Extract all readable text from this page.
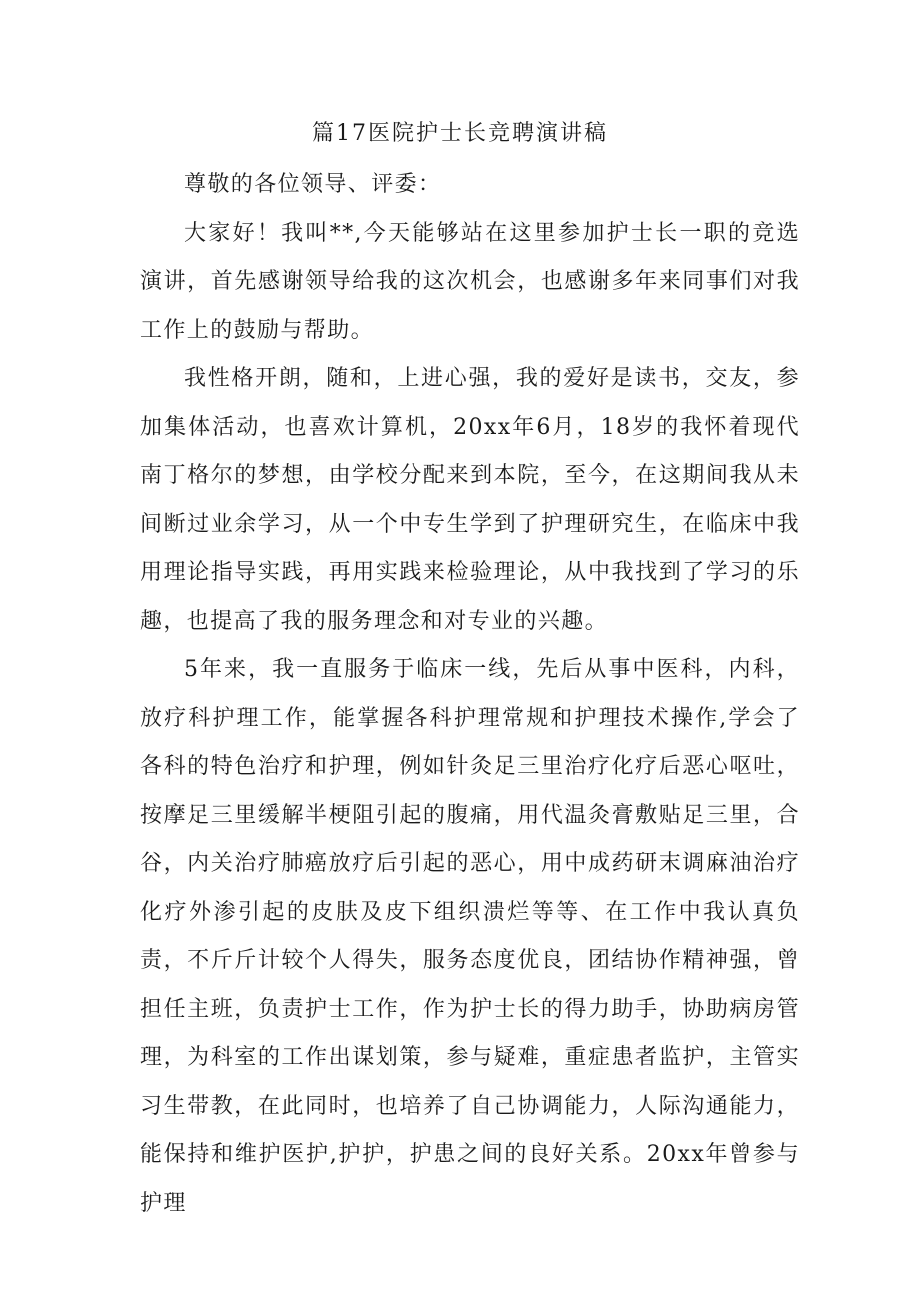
篇17医院护士长竞聘演讲稿

尊敬的各位领导、评委：

大家好！我叫**,今天能够站在这里参加护士长一职的竞选演讲，首先感谢领导给我的这次机会，也感谢多年来同事们对我工作上的鼓励与帮助。

我性格开朗，随和，上进心强，我的爱好是读书，交友，参加集体活动，也喜欢计算机，20xx年6月，18岁的我怀着现代南丁格尔的梦想，由学校分配来到本院，至今，在这期间我从未间断过业余学习，从一个中专生学到了护理研究生，在临床中我用理论指导实践，再用实践来检验理论，从中我找到了学习的乐趣，也提高了我的服务理念和对专业的兴趣。

5年来，我一直服务于临床一线，先后从事中医科，内科，放疗科护理工作，能掌握各科护理常规和护理技术操作,学会了各科的特色治疗和护理，例如针灸足三里治疗化疗后恶心呕吐，按摩足三里缓解半梗阻引起的腹痛，用代温灸膏敷贴足三里，合谷，内关治疗肺癌放疗后引起的恶心，用中成药研末调麻油治疗化疗外渗引起的皮肤及皮下组织溃烂等等、在工作中我认真负责，不斤斤计较个人得失，服务态度优良，团结协作精神强，曾担任主班，负责护士工作，作为护士长的得力助手，协助病房管理，为科室的工作出谋划策，参与疑难，重症患者监护，主管实习生带教，在此同时，也培养了自己协调能力，人际沟通能力，能保持和维护医护,护护，护患之间的良好关系。20xx年曾参与护理
